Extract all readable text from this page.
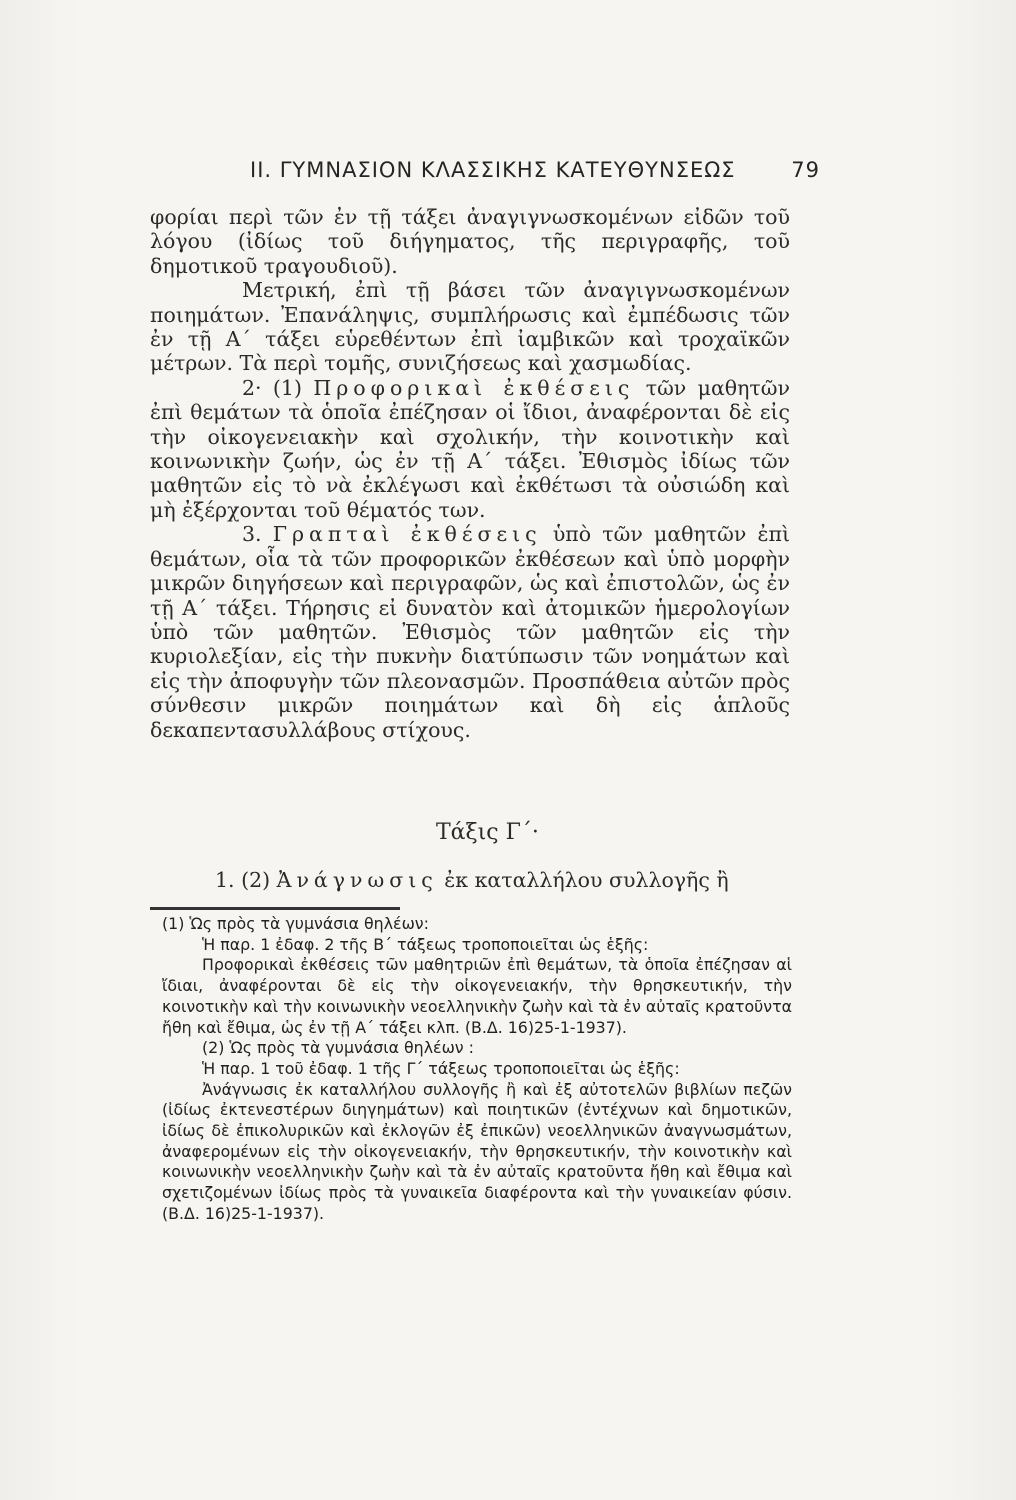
ΙΙ. ΓΥΜΝΑΣΙΟΝ ΚΛΑΣΣΙΚΗΣ ΚΑΤΕΥΘΥΝΣΕΩΣ	79

φορίαι περὶ τῶν ἐν τῇ τάξει ἀναγιγνωσκομένων εἰδῶν τοῦ λόγου (ἰδίως τοῦ διήγηματος, τῆς περιγραφῆς, τοῦ δημοτικοῦ τραγουδιοῦ).

Μετρική, ἐπὶ τῇ βάσει τῶν ἀναγιγνωσκομένων ποιημάτων. Ἐπανάληψις, συμπλήρωσις καὶ ἐμπέδωσις τῶν ἐν τῇ Α΄ τάξει εὑρεθέντων ἐπὶ ἰαμβικῶν καὶ τροχαϊκῶν μέτρων. Τὰ περὶ τομῆς, συνιζήσεως καὶ χασμωδίας.

2· (1) Προφορικαὶ ἐκθέσεις τῶν μαθητῶν ἐπὶ θεμάτων τὰ ὁποῖα ἐπέζησαν οἱ ἴδιοι, ἀναφέρονται δὲ εἰς τὴν οἰκογενειακὴν καὶ σχολικήν, τὴν κοινοτικὴν καὶ κοινωνικὴν ζωήν, ὡς ἐν τῇ Α΄ τάξει. Ἐθισμὸς ἰδίως τῶν μαθητῶν εἰς τὸ νὰ ἐκλέγωσι καὶ ἐκθέτωσι τὰ οὐσιώδη καὶ μὴ ἐξέρχονται τοῦ θέματός των.

3. Γραπταὶ ἐκθέσεις ὑπὸ τῶν μαθητῶν ἐπὶ θεμάτων, οἷα τὰ τῶν προφορικῶν ἐκθέσεων καὶ ὑπὸ μορφὴν μικρῶν διηγήσεων καὶ περιγραφῶν, ὡς καὶ ἐπιστολῶν, ὡς ἐν τῇ Α΄ τάξει. Τήρησις εἰ δυνατὸν καὶ ἀτομικῶν ἡμερολογίων ὑπὸ τῶν μαθητῶν. Ἐθισμὸς τῶν μαθητῶν εἰς τὴν κυριολεξίαν, εἰς τὴν πυκνὴν διατύπωσιν τῶν νοημάτων καὶ εἰς τὴν ἀποφυγὴν τῶν πλεονασμῶν. Προσπάθεια αὐτῶν πρὸς σύνθεσιν μικρῶν ποιημάτων καὶ δὴ εἰς ἁπλοῦς δεκαπεντασυλλάβους στίχους.

Τάξις Γ΄·
1. (2) Ἀνάγνωσις ἐκ καταλλήλου συλλογῆς ἢ

(1) Ὡς πρὸς τὰ γυμνάσια θηλέων:

Ἡ παρ. 1 ἐδαφ. 2 τῆς Β΄ τάξεως τροποποιεῖται ὡς ἑξῆς:

Προφορικαὶ ἐκθέσεις τῶν μαθητριῶν ἐπὶ θεμάτων, τὰ ὁποῖα ἐπέζησαν αἱ ἴδιαι, ἀναφέρονται δὲ εἰς τὴν οἰκογενειακήν, τὴν θρησκευτικήν, τὴν κοινοτικὴν καὶ τὴν κοινωνικὴν νεοελληνικὴν ζωὴν καὶ τὰ ἐν αὐταῖς κρατοῦντα ἤθη καὶ ἔθιμα, ὡς ἐν τῇ Α΄ τάξει κλπ. (Β.Δ. 16)25-1-1937).

(2) Ὡς πρὸς τὰ γυμνάσια θηλέων :

Ἡ παρ. 1 τοῦ ἐδαφ. 1 τῆς Γ΄ τάξεως τροποποιεῖται ὡς ἑξῆς:

Ἀνάγνωσις ἐκ καταλλήλου συλλογῆς ἢ καὶ ἐξ αὐτοτελῶν βιβλίων πεζῶν (ἰδίως ἐκτενεστέρων διηγημάτων) καὶ ποιητικῶν (ἐντέχνων καὶ δημοτικῶν, ἰδίως δὲ ἐπικολυρικῶν καὶ ἐκλογῶν ἐξ ἐπικῶν) νεοελληνικῶν ἀναγνωσμάτων, ἀναφερομένων εἰς τὴν οἰκογενειακήν, τὴν θρησκευτικήν, τὴν κοινοτικὴν καὶ κοινωνικὴν νεοελληνικὴν ζωὴν καὶ τὰ ἐν αὐταῖς κρατοῦντα ἤθη καὶ ἔθιμα καὶ σχετιζομένων ἰδίως πρὸς τὰ γυναικεῖα διαφέροντα καὶ τὴν γυναικείαν φύσιν. (Β.Δ. 16)25-1-1937).
